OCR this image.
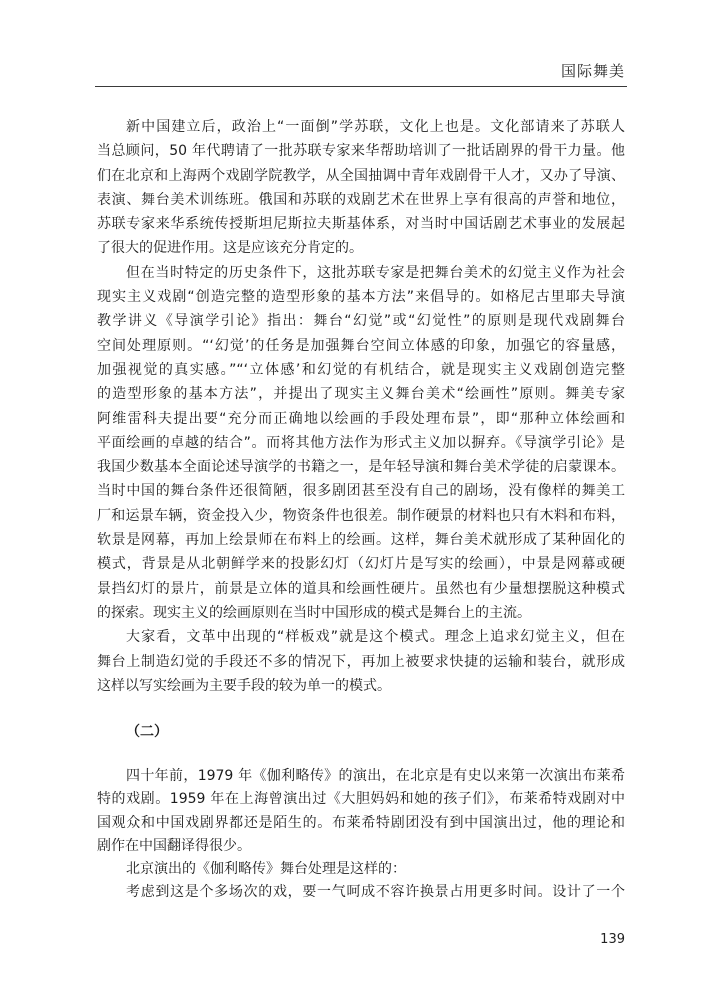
国际舞美
新中国建立后，政治上“一面倒”学苏联，文化上也是。文化部请来了苏联人
当总顾问，50 年代聘请了一批苏联专家来华帮助培训了一批话剧界的骨干力量。他
们在北京和上海两个戏剧学院教学，从全国抽调中青年戏剧骨干人才，又办了导演、
表演、舞台美术训练班。俄国和苏联的戏剧艺术在世界上享有很高的声誉和地位，
苏联专家来华系统传授斯坦尼斯拉夫斯基体系，对当时中国话剧艺术事业的发展起
了很大的促进作用。这是应该充分肯定的。
但在当时特定的历史条件下，这批苏联专家是把舞台美术的幻觉主义作为社会
现实主义戏剧“创造完整的造型形象的基本方法”来倡导的。如格尼古里耶夫导演
教学讲义《导演学引论》指出：舞台“幻觉”或“幻觉性”的原则是现代戏剧舞台
空间处理原则。“‘幻觉’的任务是加强舞台空间立体感的印象，加强它的容量感，
加强视觉的真实感。”“‘立体感’和幻觉的有机结合，就是现实主义戏剧创造完整
的造型形象的基本方法”，并提出了现实主义舞台美术“绘画性”原则。舞美专家
阿维雷科夫提出要“充分而正确地以绘画的手段处理布景”，即“那种立体绘画和
平面绘画的卓越的结合”。而将其他方法作为形式主义加以摒弃。《导演学引论》是
我国少数基本全面论述导演学的书籍之一，是年轻导演和舞台美术学徒的启蒙课本。
当时中国的舞台条件还很简陋，很多剧团甚至没有自己的剧场，没有像样的舞美工
厂和运景车辆，资金投入少，物资条件也很差。制作硬景的材料也只有木料和布料，
软景是网幕，再加上绘景师在布料上的绘画。这样，舞台美术就形成了某种固化的
模式，背景是从北朝鲜学来的投影幻灯（幻灯片是写实的绘画），中景是网幕或硬
景挡幻灯的景片，前景是立体的道具和绘画性硬片。虽然也有少量想摆脱这种模式
的探索。现实主义的绘画原则在当时中国形成的模式是舞台上的主流。
大家看，文革中出现的“样板戏”就是这个模式。理念上追求幻觉主义，但在
舞台上制造幻觉的手段还不多的情况下，再加上被要求快捷的运输和装台，就形成
这样以写实绘画为主要手段的较为单一的模式。
（二）
四十年前，1979 年《伽利略传》的演出，在北京是有史以来第一次演出布莱希
特的戏剧。1959 年在上海曾演出过《大胆妈妈和她的孩子们》，布莱希特戏剧对中
国观众和中国戏剧界都还是陌生的。布莱希特剧团没有到中国演出过，他的理论和
剧作在中国翻译得很少。
北京演出的《伽利略传》舞台处理是这样的：
考虑到这是个多场次的戏，要一气呵成不容许换景占用更多时间。设计了一个
139
